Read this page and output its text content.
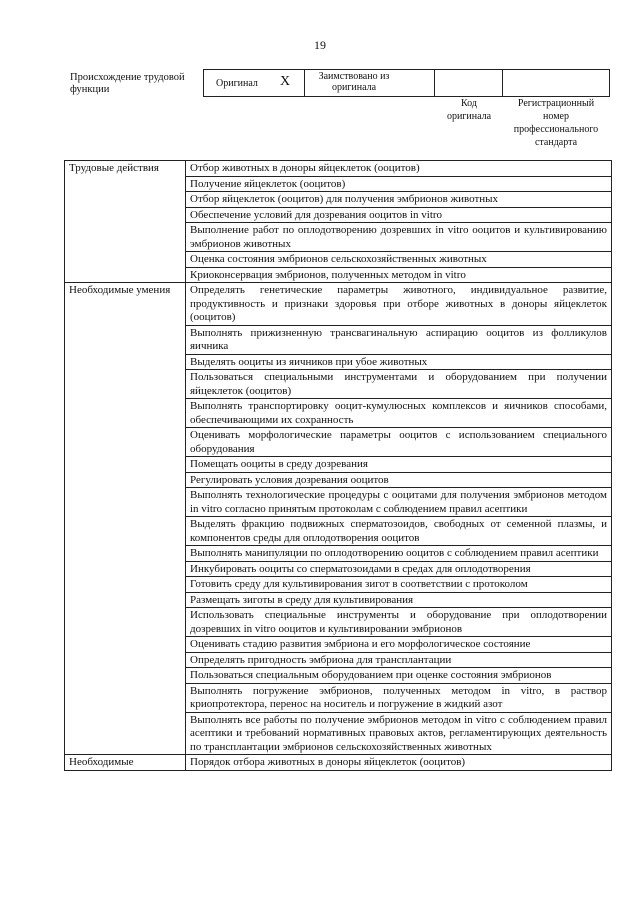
19
Происхождение трудовой функции
Оригинал Х	Заимствовано из оригинала
Код оригинала
Регистрационный номер профессионального стандарта
Трудовые действия	Отбор животных в доноры яйцеклеток (ооцитов)
	Получение яйцеклеток (ооцитов)
	Отбор яйцеклеток (ооцитов) для получения эмбрионов животных
	Обеспечение условий для дозревания ооцитов in vitro
	Выполнение работ по оплодотворению дозревших in vitro ооцитов и культивированию эмбрионов животных
	Оценка состояния эмбрионов сельскохозяйственных животных
	Криоконсервация эмбрионов, полученных методом in vitro
Необходимые умения	Определять генетические параметры животного, индивидуальное развитие, продуктивность и признаки здоровья при отборе животных в доноры яйцеклеток (ооцитов)
	Выполнять прижизненную трансвагинальную аспирацию ооцитов из фолликулов яичника
	Выделять ооциты из яичников при убое животных
	Пользоваться специальными инструментами и оборудованием при получении яйцеклеток (ооцитов)
	Выполнять транспортировку ооцит-кумулюсных комплексов и яичников способами, обеспечивающими их сохранность
	Оценивать морфологические параметры ооцитов с использованием специального оборудования
	Помещать ооциты в среду дозревания
	Регулировать условия дозревания ооцитов
	Выполнять технологические процедуры с ооцитами для получения эмбрионов методом in vitro согласно принятым протоколам с соблюдением правил асептики
	Выделять фракцию подвижных сперматозоидов, свободных от семенной плазмы, и компонентов среды для оплодотворения ооцитов
	Выполнять манипуляции по оплодотворению ооцитов с соблюдением правил асептики
	Инкубировать ооциты со сперматозоидами в средах для оплодотворения
	Готовить среду для культивирования зигот в соответствии с протоколом
	Размещать зиготы в среду для культивирования
	Использовать специальные инструменты и оборудование при оплодотворении дозревших in vitro ооцитов и культивировании эмбрионов
	Оценивать стадию развития эмбриона и его морфологическое состояние
	Определять пригодность эмбриона для трансплантации
	Пользоваться специальным оборудованием при оценке состояния эмбрионов
	Выполнять погружение эмбрионов, полученных методом in vitro, в раствор криопротектора, перенос на носитель и погружение в жидкий азот
	Выполнять все работы по получение эмбрионов методом in vitro с соблюдением правил асептики и требований нормативных правовых актов, регламентирующих деятельность по трансплантации эмбрионов сельскохозяйственных животных
Необходимые	Порядок отбора животных в доноры яйцеклеток (ооцитов)
